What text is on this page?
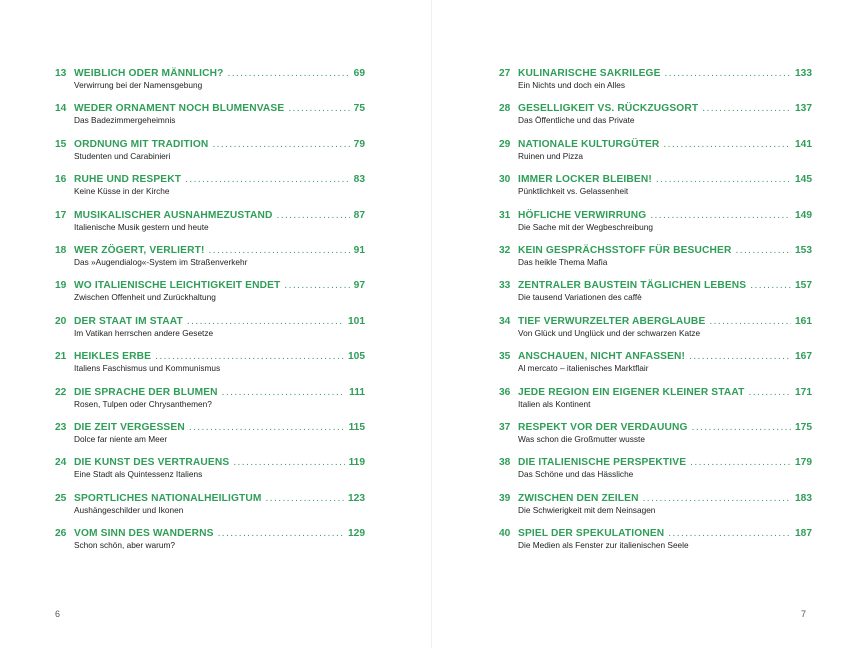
13 WEIBLICH ODER MÄNNLICH? .....	69
Verwirrung bei der Namensgebung
14 WEDER ORNAMENT NOCH BLUMENVASE .....	75
Das Badezimmergeheimnis
15 ORDNUNG MIT TRADITION .....	79
Studenten und Carabinieri
16 RUHE UND RESPEKT .....	83
Keine Küsse in der Kirche
17 MUSIKALISCHER AUSNAHMEZUSTAND .....	87
Italienische Musik gestern und heute
18 WER ZÖGERT, VERLIERT! .....	91
Das »Augendialog«-System im Straßenverkehr
19 WO ITALIENISCHE LEICHTIGKEIT ENDET .....	97
Zwischen Offenheit und Zurückhaltung
20 DER STAAT IM STAAT .....	101
Im Vatikan herrschen andere Gesetze
21 HEIKLES ERBE .....	105
Italiens Faschismus und Kommunismus
22 DIE SPRACHE DER BLUMEN .....	111
Rosen, Tulpen oder Chrysanthemen?
23 DIE ZEIT VERGESSEN .....	115
Dolce far niente am Meer
24 DIE KUNST DES VERTRAUENS .....	119
Eine Stadt als Quintessenz Italiens
25 SPORTLICHES NATIONALHEILIGTUM .....	123
Aushängeschilder und Ikonen
26 VOM SINN DES WANDERNS .....	129
Schon schön, aber warum?
6
27 KULINARISCHE SAKRILEGE .....	133
Ein Nichts und doch ein Alles
28 GESELLIGKEIT VS. RÜCKZUGSORT .....	137
Das Öffentliche und das Private
29 NATIONALE KULTURGÜTER .....	141
Ruinen und Pizza
30 IMMER LOCKER BLEIBEN! .....	145
Pünktlichkeit vs. Gelassenheit
31 HÖFLICHE VERWIRRUNG .....	149
Die Sache mit der Wegbeschreibung
32 KEIN GESPRÄCHSSTOFF FÜR BESUCHER .....	153
Das heikle Thema Mafia
33 ZENTRALER BAUSTEIN TÄGLICHEN LEBENS .....	157
Die tausend Variationen des caffè
34 TIEF VERWURZELTER ABERGLAUBE .....	161
Von Glück und Unglück und der schwarzen Katze
35 ANSCHAUEN, NICHT ANFASSEN! .....	167
Al mercato – italienisches Marktflair
36 JEDE REGION EIN EIGENER KLEINER STAAT .....	171
Italien als Kontinent
37 RESPEKT VOR DER VERDAUUNG .....	175
Was schon die Großmutter wusste
38 DIE ITALIENISCHE PERSPEKTIVE .....	179
Das Schöne und das Hässliche
39 ZWISCHEN DEN ZEILEN .....	183
Die Schwierigkeit mit dem Neinsagen
40 SPIEL DER SPEKULATIONEN .....	187
Die Medien als Fenster zur italienischen Seele
7
